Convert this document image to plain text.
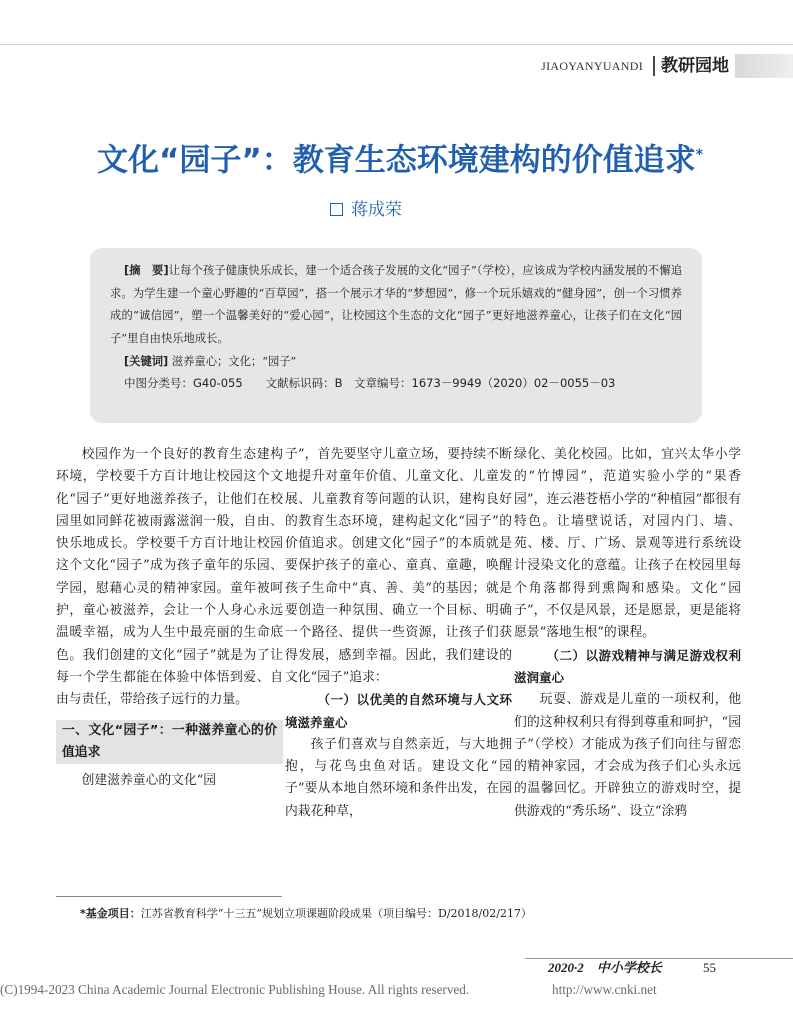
JIAOYANYUANDI 教研园地
文化“园子”：教育生态环境建构的价值追求*
蒋成荣

[摘　要]让每个孩子健康快乐成长，建一个适合孩子发展的文化“园子”（学校），应该成为学校内涵发展的不懈追求。为学生建一个童心野趣的“百草园”，搭一个展示才华的“梦想园”，修一个玩乐嬉戏的“健身园”，创一个习惯养成的“诚信园”，塑一个温馨美好的“爱心园”，让校园这个生态的文化“园子”更好地滋养童心，让孩子们在文化“园子”里自由快乐地成长。

[关键词] 滋养童心；文化；“园子”

中图分类号：G40-055　　文献标识码：B　文章编号：1673－9949（2020）02－0055－03

校园作为一个良好的教育生态建构环境，学校要千方百计地让校园这个文化“园子”更好地滋养孩子，让他们在校园里如同鲜花被雨露滋润一般，自由、快乐地成长。学校要千方百计地让校园这个文化“园子”成为孩子童年的乐园、学园，慰藉心灵的精神家园。童年被呵护，童心被滋养，会让一个人身心永远温暖幸福，成为人生中最亮丽的生命底色。我们创建的文化“园子”就是为了让每一个学生都能在体验中体悟到爱、自由与责任，带给孩子远行的力量。

一、文化“园子”：一种滋养童心的价值追求

创建滋养童心的文化“园

子”，首先要坚守儿童立场，要持续不断地提升对童年价值、儿童文化、儿童发展、儿童教育等问题的认识，建构良好的教育生态环境，建构起文化“园子”的价值追求。创建文化“园子”的本质就是要保护孩子的童心、童真、童趣，唤醒孩子生命中“真、善、美”的基因；就是要创造一种氛围、确立一个目标、明确一个路径、提供一些资源，让孩子们获得发展，感到幸福。因此，我们建设的文化“园子”追求：

（一）以优美的自然环境与人文环境滋养童心

孩子们喜欢与自然亲近，与大地拥抱，与花鸟虫鱼对话。建设文化“园子”要从本地自然环境和条件出发，在园内栽花种草，

绿化、美化校园。比如，宜兴太华小学的“竹博园”，范道实验小学的“果香园”，连云港苍梧小学的“种植园”都很有特色。让墙壁说话，对园内门、墙、苑、楼、厅、广场、景观等进行系统设计浸染文化的意蕴。让孩子在校园里每个角落都得到熏陶和感染。文化“园子”，不仅是风景，还是愿景，更是能将愿景“落地生根”的课程。

（二）以游戏精神与满足游戏权利滋润童心

玩耍、游戏是儿童的一项权利，他们的这种权利只有得到尊重和呵护，“园子”（学校）才能成为孩子们向往与留恋的精神家园，才会成为孩子们心头永远的温馨回忆。开辟独立的游戏时空，提供游戏的“秀乐场”、设立“涂鸦

*基金项目：江苏省教育科学“十三五”规划立项课题阶段成果（项目编号：D/2018/02/217）
2020·2　中小学校长	55
(C)1994-2023 China Academic Journal Electronic Publishing House. All rights reserved.	http://www.cnki.net
